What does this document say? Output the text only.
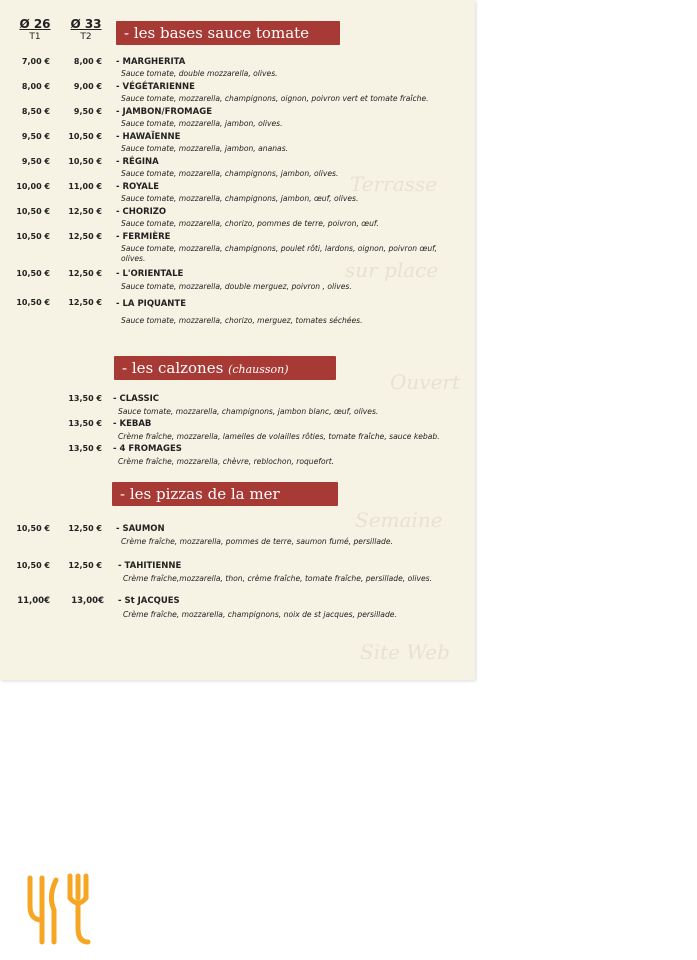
Terrasse
sur place
Ouvert
Semaine
Site Web
Ø 26
T1
Ø 33
T2	- les bases sauce tomate
7,00 €	8,00 € - MARGHERITA
Sauce tomate, double mozzarella, olives.
8,00 €	9,00 € - VÉGÉTARIENNE
Sauce tomate, mozzarella, champignons, oignon, poivron vert et tomate fraîche.
8,50 €	9,50 € - JAMBON/FROMAGE
Sauce tomate, mozzarella, jambon, olives.
9,50 €	10,50 € - HAWAÏENNE
Sauce tomate, mozzarella, jambon, ananas.
9,50 €	10,50 € - RÉGINA
Sauce tomate, mozzarella, champignons, jambon, olives.
10,00 €	11,00 € - ROYALE
Sauce tomate, mozzarella, champignons, jambon, œuf, olives.
10,50 €	12,50 € - CHORIZO
Sauce tomate, mozzarella, chorizo, pommes de terre, poivron, œuf.
10,50 €	12,50 € - FERMIÈRE
Sauce tomate, mozzarella, champignons, poulet rôti, lardons, oignon, poivron œuf, olives.
10,50 €	12,50 € - L'ORIENTALE
Sauce tomate, mozzarella, double merguez, poivron , olives.
10,50 €	12,50 € - LA PIQUANTE
Sauce tomate, mozzarella, chorizo, merguez, tomates séchées.
- les calzones (chausson)
13,50 € - CLASSIC
Sauce tomate, mozzarella, champignons, jambon blanc, œuf, olives.
13,50 € - KEBAB
Crème fraîche, mozzarella, lamelles de volailles rôties, tomate fraîche, sauce kebab.
13,50 € - 4 FROMAGES
Crème fraîche, mozzarella, chèvre, reblochon, roquefort.
- les pizzas de la mer
10,50 €	12,50 € - SAUMON
Crème fraîche, mozzarella, pommes de terre, saumon fumé, persillade.
10,50 €	12,50 € - TAHITIENNE
Crème fraîche,mozzarella, thon, crème fraîche, tomate fraîche, persillade, olives.
11,00€	13,00€ - St JACQUES
Crème fraîche, mozzarella, champignons, noix de st jacques, persillade.
